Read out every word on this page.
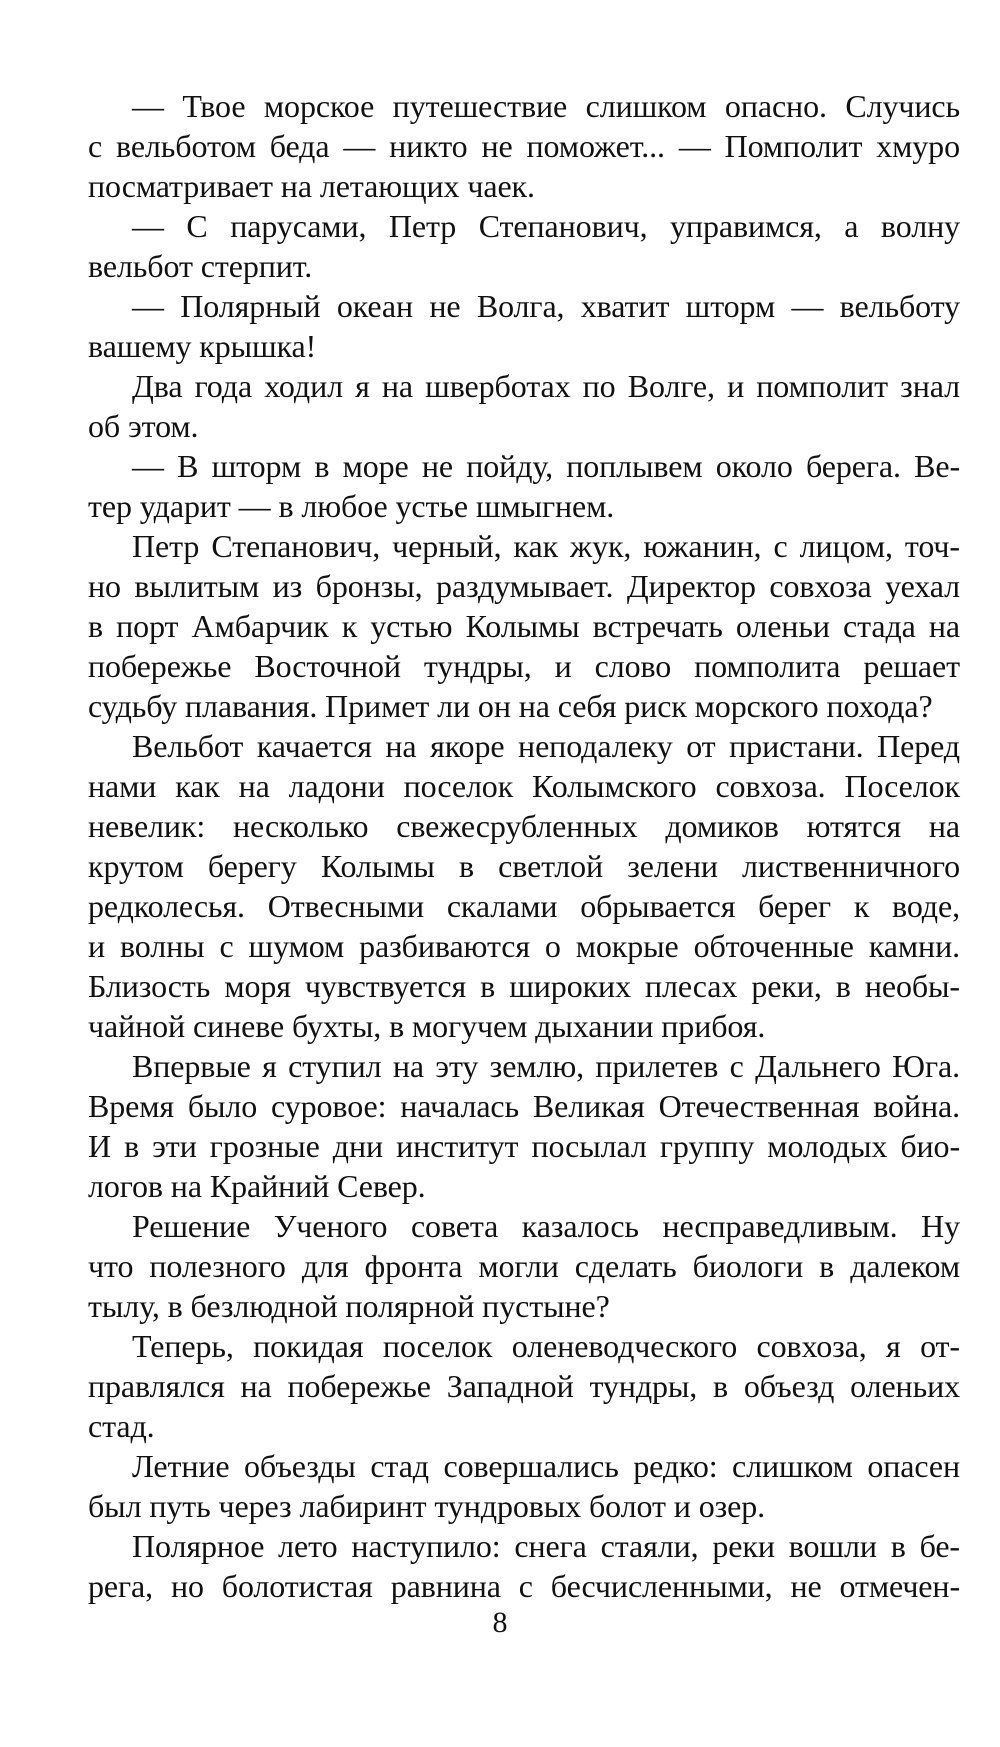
— Твое морское путешествие слишком опасно. Случись
с вельботом беда — никто не поможет... — Помполит хмуро
посматривает на летающих чаек.
— С парусами, Петр Степанович, управимся, а волну
вельбот стерпит.
— Полярный океан не Волга, хватит шторм — вельботу
вашему крышка!
Два года ходил я на шверботах по Волге, и помполит знал
об этом.
— В шторм в море не пойду, поплывем около берега. Ве-
тер ударит — в любое устье шмыгнем.
Петр Степанович, черный, как жук, южанин, с лицом, точ-
но вылитым из бронзы, раздумывает. Директор совхоза уехал
в порт Амбарчик к устью Колымы встречать оленьи стада на
побережье Восточной тундры, и слово помполита решает
судьбу плавания. Примет ли он на себя риск морского похода?
Вельбот качается на якоре неподалеку от пристани. Перед
нами как на ладони поселок Колымского совхоза. Поселок
невелик: несколько свежесрубленных домиков ютятся на
крутом берегу Колымы в светлой зелени лиственничного
редколесья. Отвесными скалами обрывается берег к воде,
и волны с шумом разбиваются о мокрые обточенные камни.
Близость моря чувствуется в широких плесах реки, в необы-
чайной синеве бухты, в могучем дыхании прибоя.
Впервые я ступил на эту землю, прилетев с Дальнего Юга.
Время было суровое: началась Великая Отечественная война.
И в эти грозные дни институт посылал группу молодых био-
логов на Крайний Север.
Решение Ученого совета казалось несправедливым. Ну
что полезного для фронта могли сделать биологи в далеком
тылу, в безлюдной полярной пустыне?
Теперь, покидая поселок оленеводческого совхоза, я от-
правлялся на побережье Западной тундры, в объезд оленьих
стад.
Летние объезды стад совершались редко: слишком опасен
был путь через лабиринт тундровых болот и озер.
Полярное лето наступило: снега стаяли, реки вошли в бе-
рега, но болотистая равнина с бесчисленными, не отмечен-
8
